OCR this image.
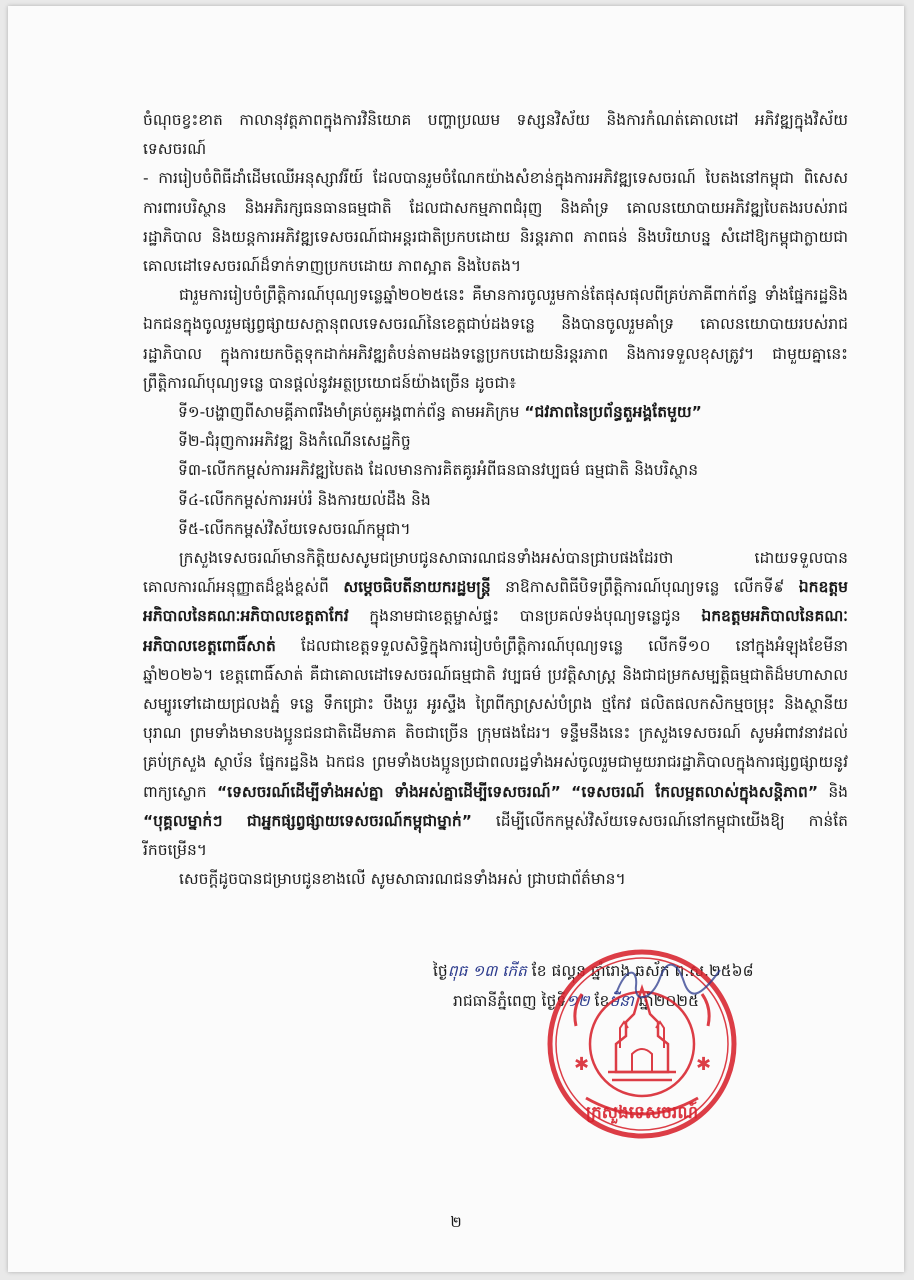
ចំណុចខ្វះខាត កាលានុវត្តភាពក្នុងការវិនិយោគ បញ្ហាប្រឈម ទស្សនវិស័យ និងការកំណត់គោលដៅ អភិវឌ្ឍក្នុងវិស័យទេសចរណ៍

- ការរៀបចំពិធីដាំដើមឈើអនុស្សាវរីយ៍ ដែលបានរួមចំណែកយ៉ាងសំខាន់ក្នុងការអភិវឌ្ឍទេសចរណ៍ បៃតងនៅកម្ពុជា ពិសេសការពារបរិស្ថាន និងអភិរក្សធនធានធម្មជាតិ ដែលជាសកម្មភាពជំរុញ និងគាំទ្រ គោលនយោបាយអភិវឌ្ឍបៃតងរបស់រាជរដ្ឋាភិបាល និងយន្តការអភិវឌ្ឍទេសចរណ៍ជាអន្តរជាតិប្រកបដោយ និរន្តរភាព ភាពធន់ និងបរិយាបន្ន សំដៅឱ្យកម្ពុជាក្លាយជាគោលដៅទេសចរណ៍ដ៏ទាក់ទាញប្រកបដោយ ភាពស្អាត និងបៃតង។

ជារួមការរៀបចំព្រឹត្តិការណ៍បុណ្យទន្លេឆ្នាំ២០២៥នេះ គឺមានការចូលរួមកាន់តែផុសផុលពីគ្រប់ភាគីពាក់ព័ន្ធ ទាំងផ្នែករដ្ឋនិងឯកជនក្នុងចូលរួមផ្សព្វផ្សាយសក្តានុពលទេសចរណ៍នៃខេត្តជាប់ដងទន្លេ និងបានចូលរួមគាំទ្រ គោលនយោបាយរបស់រាជរដ្ឋាភិបាល ក្នុងការយកចិត្តទុកដាក់អភិវឌ្ឍតំបន់តាមដងទន្លេប្រកបដោយនិរន្តរភាព និងការទទួលខុសត្រូវ។ ជាមួយគ្នានេះ ព្រឹត្តិការណ៍បុណ្យទន្លេ បានផ្តល់នូវអត្ថប្រយោជន៍យ៉ាងច្រើន ដូចជា៖

ទី១-បង្ហាញពីសាមគ្គីភាពរឹងមាំគ្រប់តួអង្គពាក់ព័ន្ធ តាមអភិក្រម “ជវភាពនៃប្រព័ន្ធតួអង្គតែមួយ”

ទី២-ជំរុញការអភិវឌ្ឍ និងកំណើនសេដ្ឋកិច្ច

ទី៣-លើកកម្ពស់ការអភិវឌ្ឍបៃតង ដែលមានការគិតគូរអំពីធនធានវប្បធម៌ ធម្មជាតិ និងបរិស្ថាន

ទី៤-លើកកម្ពស់ការអប់រំ និងការយល់ដឹង និង

ទី៥-លើកកម្ពស់វិស័យទេសចរណ៍កម្ពុជា។

ក្រសួងទេសចរណ៍មានកិត្តិយសសូមជម្រាបជូនសាធារណជនទាំងអស់បានជ្រាបផងដែរថា ដោយទទួលបាន គោលការណ៍អនុញ្ញាតដ៏ខ្ពង់ខ្ពស់ពី សម្តេចធិបតីនាយករដ្ឋមន្ត្រី នាឱកាសពិធីបិទព្រឹត្តិការណ៍បុណ្យទន្លេ លើកទី៩ ឯកឧត្តមអភិបាលនៃគណៈអភិបាលខេត្តតាកែវ ក្នុងនាមជាខេត្តម្ចាស់ផ្ទះ បានប្រគល់ទង់បុណ្យទន្លេជូន ឯកឧត្តមអភិបាលនៃគណៈអភិបាលខេត្តពោធិ៍សាត់ ដែលជាខេត្តទទួលសិទ្ធិក្នុងការរៀបចំព្រឹត្តិការណ៍បុណ្យទន្លេ លើកទី១០ នៅក្នុងអំឡុងខែមីនា ឆ្នាំ២០២៦។ ខេត្តពោធិ៍សាត់ គឺជាគោលដៅទេសចរណ៍ធម្មជាតិ វប្បធម៌ ប្រវត្តិសាស្ត្រ និងជាជម្រកសម្បត្តិធម្មជាតិដ៏មហាសាល សម្បូរទៅដោយជ្រលងភ្នំ ទន្លេ ទឹកជ្រោះ បឹងបួរ អូរស្ទឹង ព្រៃពីក្សាស្រស់បំព្រង ថ្មកែវ ផលិតផលកសិកម្មចម្រុះ និងស្ថានីយបុរាណ ព្រមទាំងមានបងប្អូនជនជាតិដើមភាគ តិចជាច្រើន ក្រុមផងដែរ។ ទន្ទឹមនឹងនេះ ក្រសួងទេសចរណ៍ សូមអំពាវនាវដល់គ្រប់ក្រសួង ស្ថាប័ន ផ្នែករដ្ឋនិង ឯកជន ព្រមទាំងបងប្អូនប្រជាពលរដ្ឋទាំងអស់ចូលរួមជាមួយរាជរដ្ឋាភិបាលក្នុងការផ្សព្វផ្សាយនូវពាក្យស្លោក “ទេសចរណ៍ដើម្បីទាំងអស់គ្នា ទាំងអស់គ្នាដើម្បីទេសចរណ៍” “ទេសចរណ៍ កែលម្អតលាស់ក្នុងសន្តិភាព” និង “បុគ្គលម្នាក់ៗ ជាអ្នកផ្សព្វផ្សាយទេសចរណ៍កម្ពុជាម្នាក់” ដើម្បីលើកកម្ពស់វិស័យទេសចរណ៍នៅកម្ពុជាយើងឱ្យ កាន់តែរីកចម្រើន។

សេចក្តីដូចបានជម្រាបជូនខាងលើ សូមសាធារណជនទាំងអស់ ជ្រាបជាព័ត៌មាន។

ថ្ងៃពុធ ១៣ កើត ខែ ផល្គុន ឆ្នាំរោង ឆស័ក ព.ស.២៥៦៨
រាជធានីភ្នំពេញ ថ្ងៃទី១២ ខែមីនា ឆ្នាំ២០២៥
✱	✱
ក្រសួងទេសចរណ៍
២
